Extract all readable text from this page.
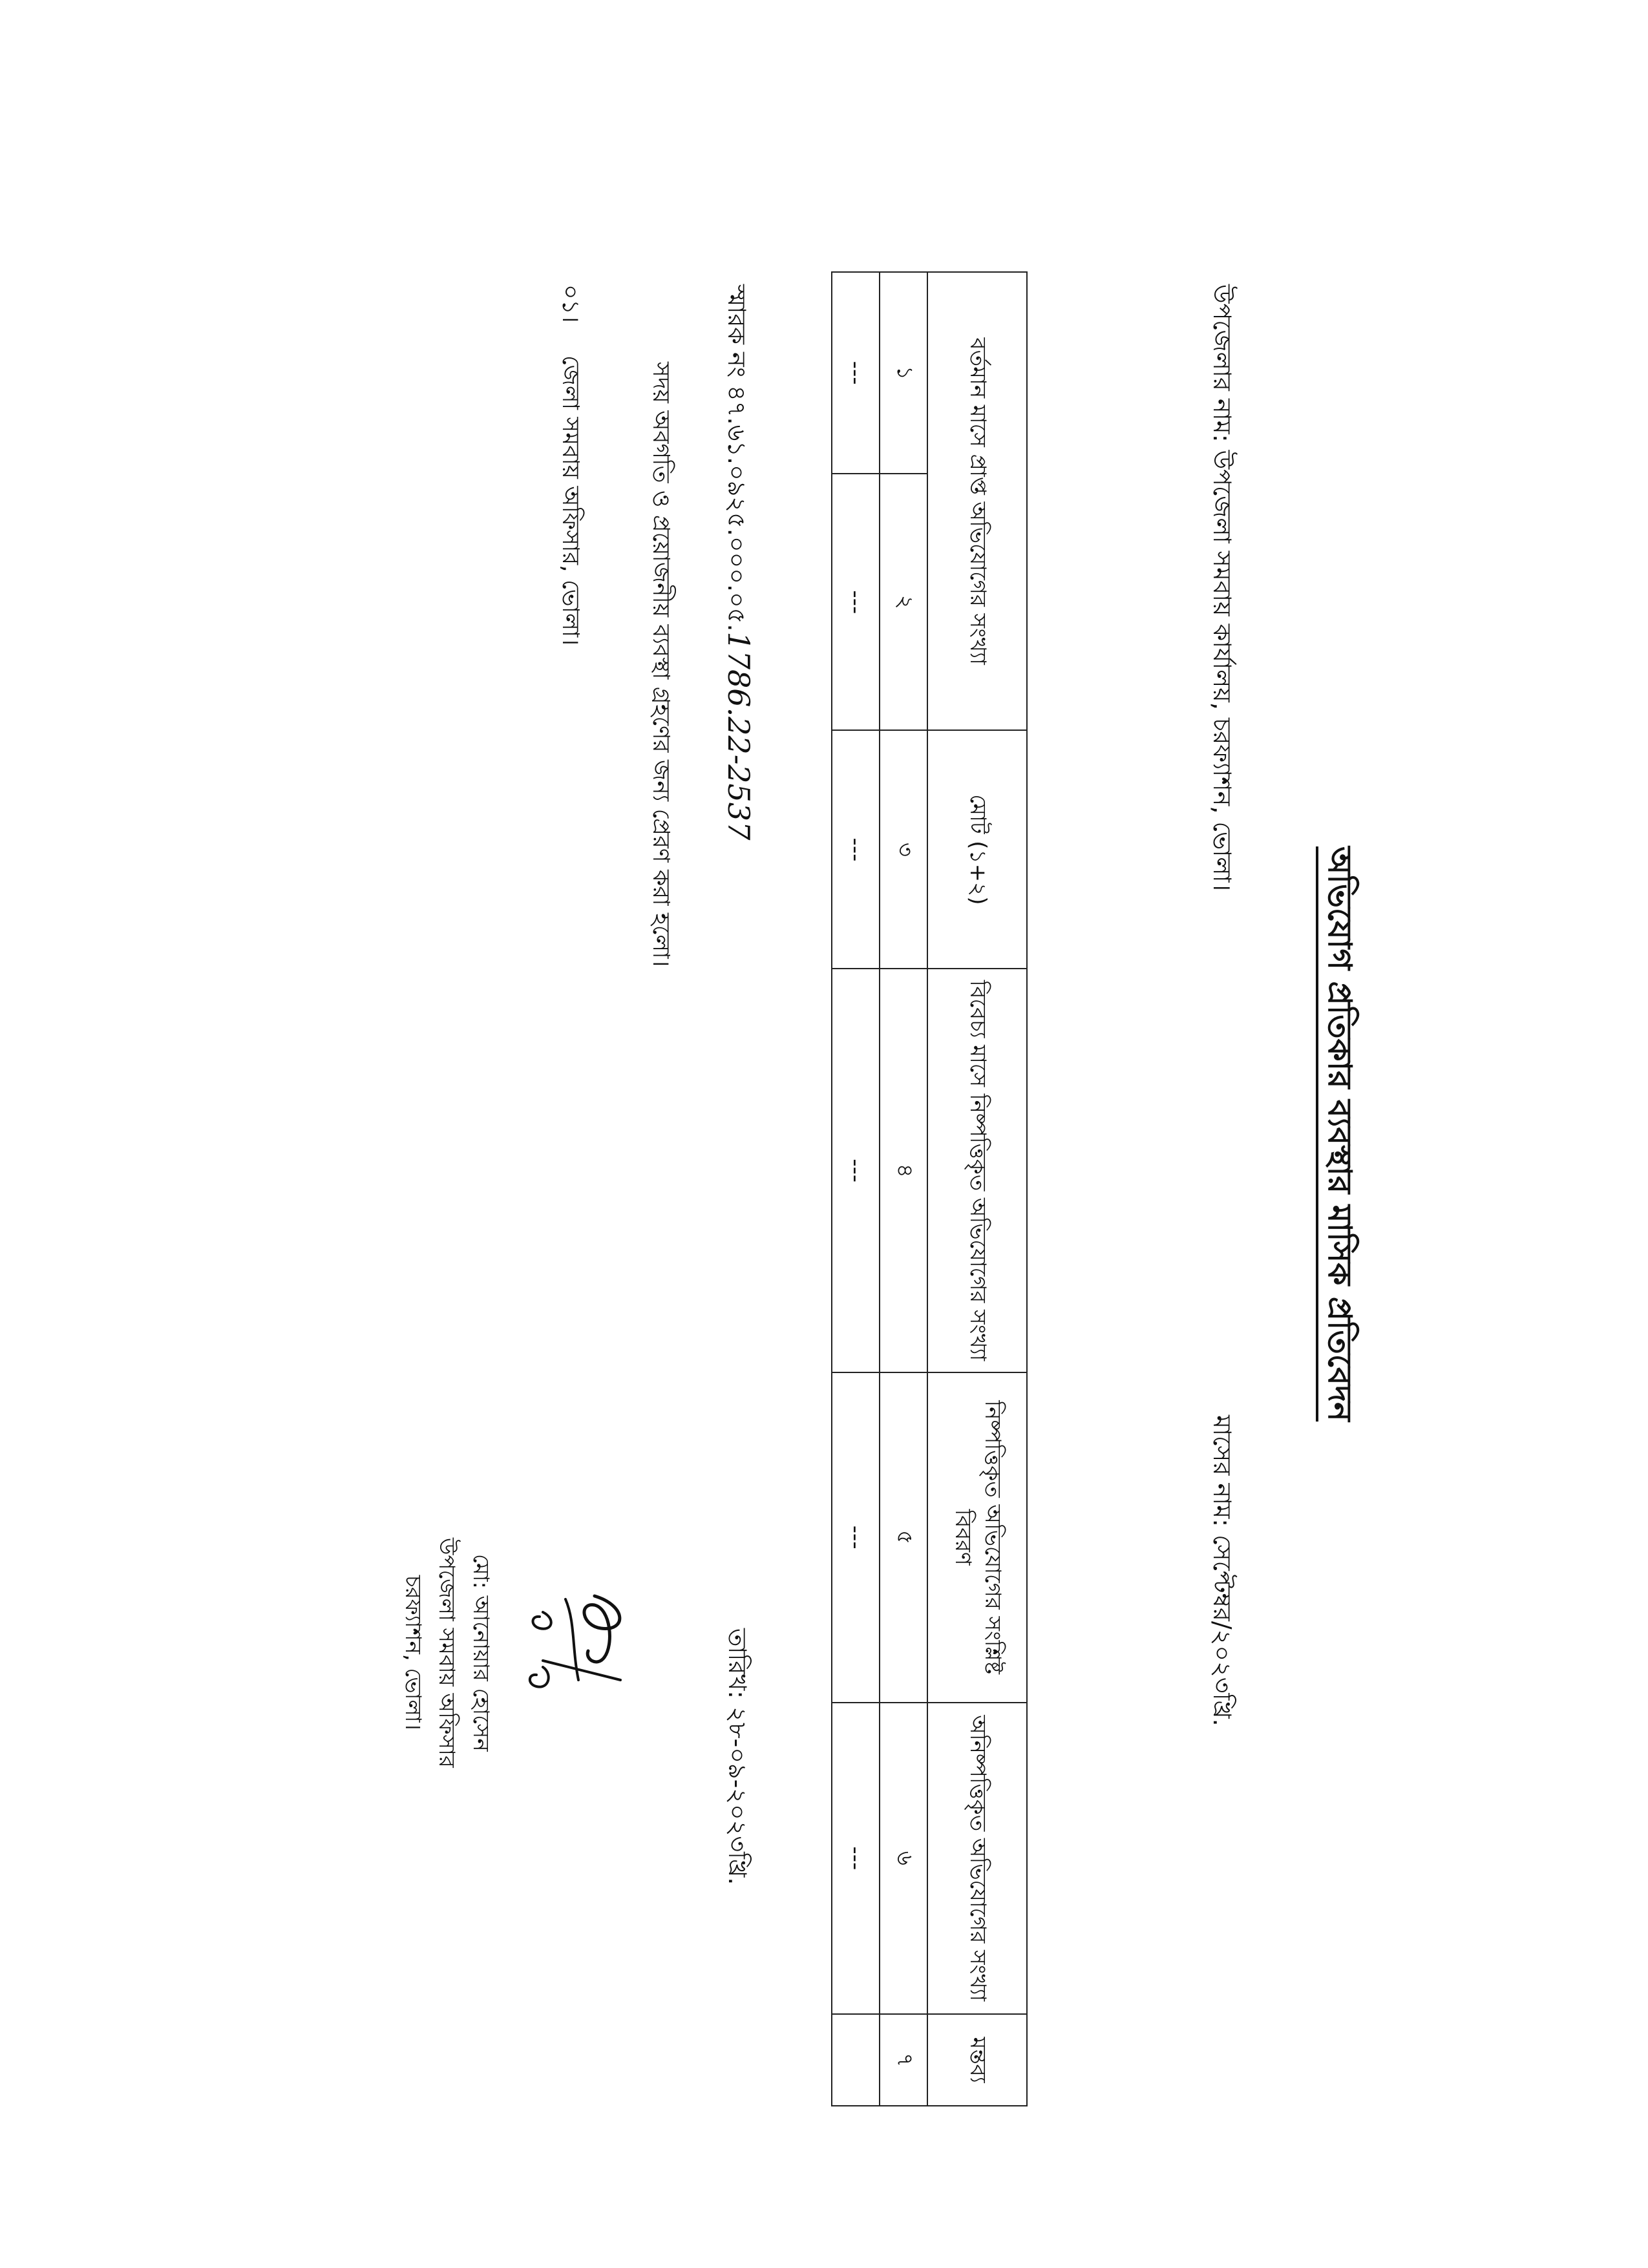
অভিযোগ প্রতিকার ব্যবস্থার মাসিক প্রতিবেদন
উপজেলার নাম: উপজেলা সমবায় কার্যালয়, চরফ্যাশন, ভোলা।
মাসের নাম: সেপ্টেম্বর/২০২৩খ্রি.
বর্তমান মাসে প্রাপ্ত অভিযোগের সংখ্যা		মোট (১+২)	বিবেচ্য মাসে নিষ্পত্তিকৃত অভিযোগের সংখ্যা	নিষ্পত্তিকৃত অভিযোগের সংশ্লিষ্ট বিবরণ	অনিষ্পত্তিকৃত অভিযোগের সংখ্যা	মন্তব্য
১	২	৩	৪	৫	৬	৭
---	---	---	---	---	---	
স্মারক নং ৪৭.৬১.০৯২৫.০০০.০৫.1786.22-2537
তারিখ: ২৮-০৯-২০২৩খ্রি.
সদয় অবগতি ও প্রয়োজনীয় ব্যবস্থা গ্রহণের জন্য প্রেরণ করা হলো।
০১।জেলা সমবায় অফিসার, ভোলা।
মো: আনোয়ার হোসেন
উপজেলা সমবায় অফিসার
চরফ্যাশন, ভোলা।
